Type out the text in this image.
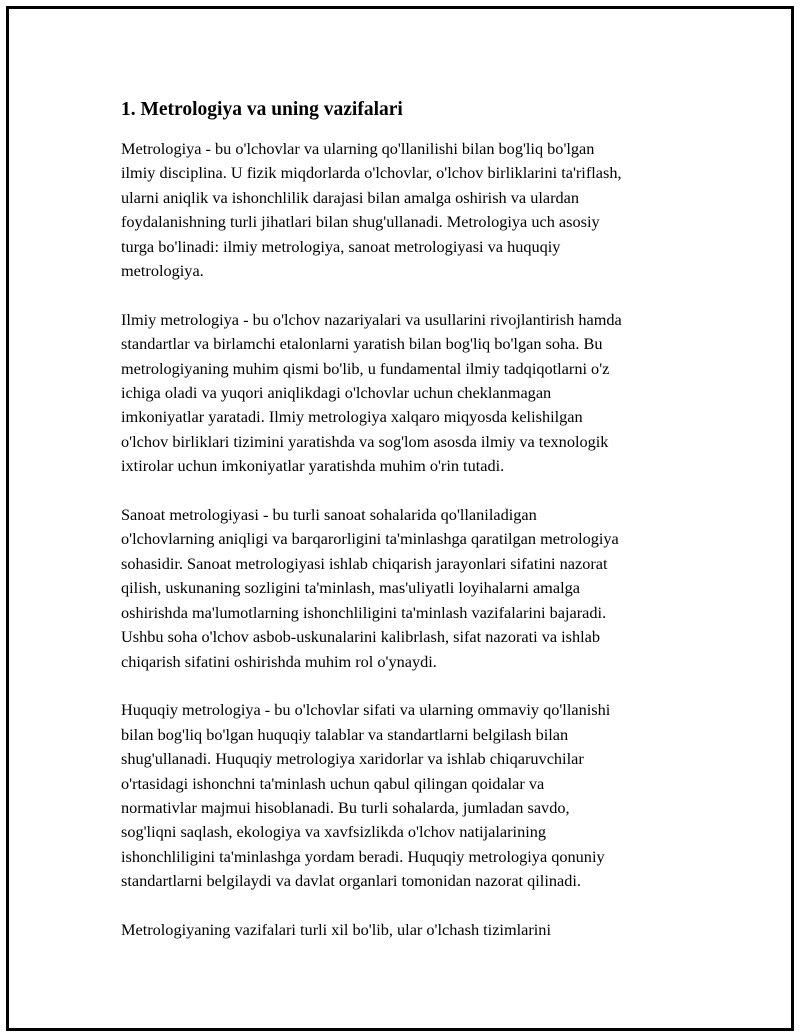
1. Metrologiya va uning vazifalari
Metrologiya - bu o'lchovlar va ularning qo'llanilishi bilan bog'liq bo'lgan
ilmiy disciplina. U fizik miqdorlarda o'lchovlar, o'lchov birliklarini ta'riflash,
ularni aniqlik va ishonchlilik darajasi bilan amalga oshirish va ulardan
foydalanishning turli jihatlari bilan shug'ullanadi. Metrologiya uch asosiy
turga bo'linadi: ilmiy metrologiya, sanoat metrologiyasi va huquqiy
metrologiya.
Ilmiy metrologiya - bu o'lchov nazariyalari va usullarini rivojlantirish hamda
standartlar va birlamchi etalonlarni yaratish bilan bog'liq bo'lgan soha. Bu
metrologiyaning muhim qismi bo'lib, u fundamental ilmiy tadqiqotlarni o'z
ichiga oladi va yuqori aniqlikdagi o'lchovlar uchun cheklanmagan
imkoniyatlar yaratadi. Ilmiy metrologiya xalqaro miqyosda kelishilgan
o'lchov birliklari tizimini yaratishda va sog'lom asosda ilmiy va texnologik
ixtirolar uchun imkoniyatlar yaratishda muhim o'rin tutadi.
Sanoat metrologiyasi - bu turli sanoat sohalarida qo'llaniladigan
o'lchovlarning aniqligi va barqarorligini ta'minlashga qaratilgan metrologiya
sohasidir. Sanoat metrologiyasi ishlab chiqarish jarayonlari sifatini nazorat
qilish, uskunaning sozligini ta'minlash, mas'uliyatli loyihalarni amalga
oshirishda ma'lumotlarning ishonchliligini ta'minlash vazifalarini bajaradi.
Ushbu soha o'lchov asbob-uskunalarini kalibrlash, sifat nazorati va ishlab
chiqarish sifatini oshirishda muhim rol o'ynaydi.
Huquqiy metrologiya - bu o'lchovlar sifati va ularning ommaviy qo'llanishi
bilan bog'liq bo'lgan huquqiy talablar va standartlarni belgilash bilan
shug'ullanadi. Huquqiy metrologiya xaridorlar va ishlab chiqaruvchilar
o'rtasidagi ishonchni ta'minlash uchun qabul qilingan qoidalar va
normativlar majmui hisoblanadi. Bu turli sohalarda, jumladan savdo,
sog'liqni saqlash, ekologiya va xavfsizlikda o'lchov natijalarining
ishonchliligini ta'minlashga yordam beradi. Huquqiy metrologiya qonuniy
standartlarni belgilaydi va davlat organlari tomonidan nazorat qilinadi.
Metrologiyaning vazifalari turli xil bo'lib, ular o'lchash tizimlarini
